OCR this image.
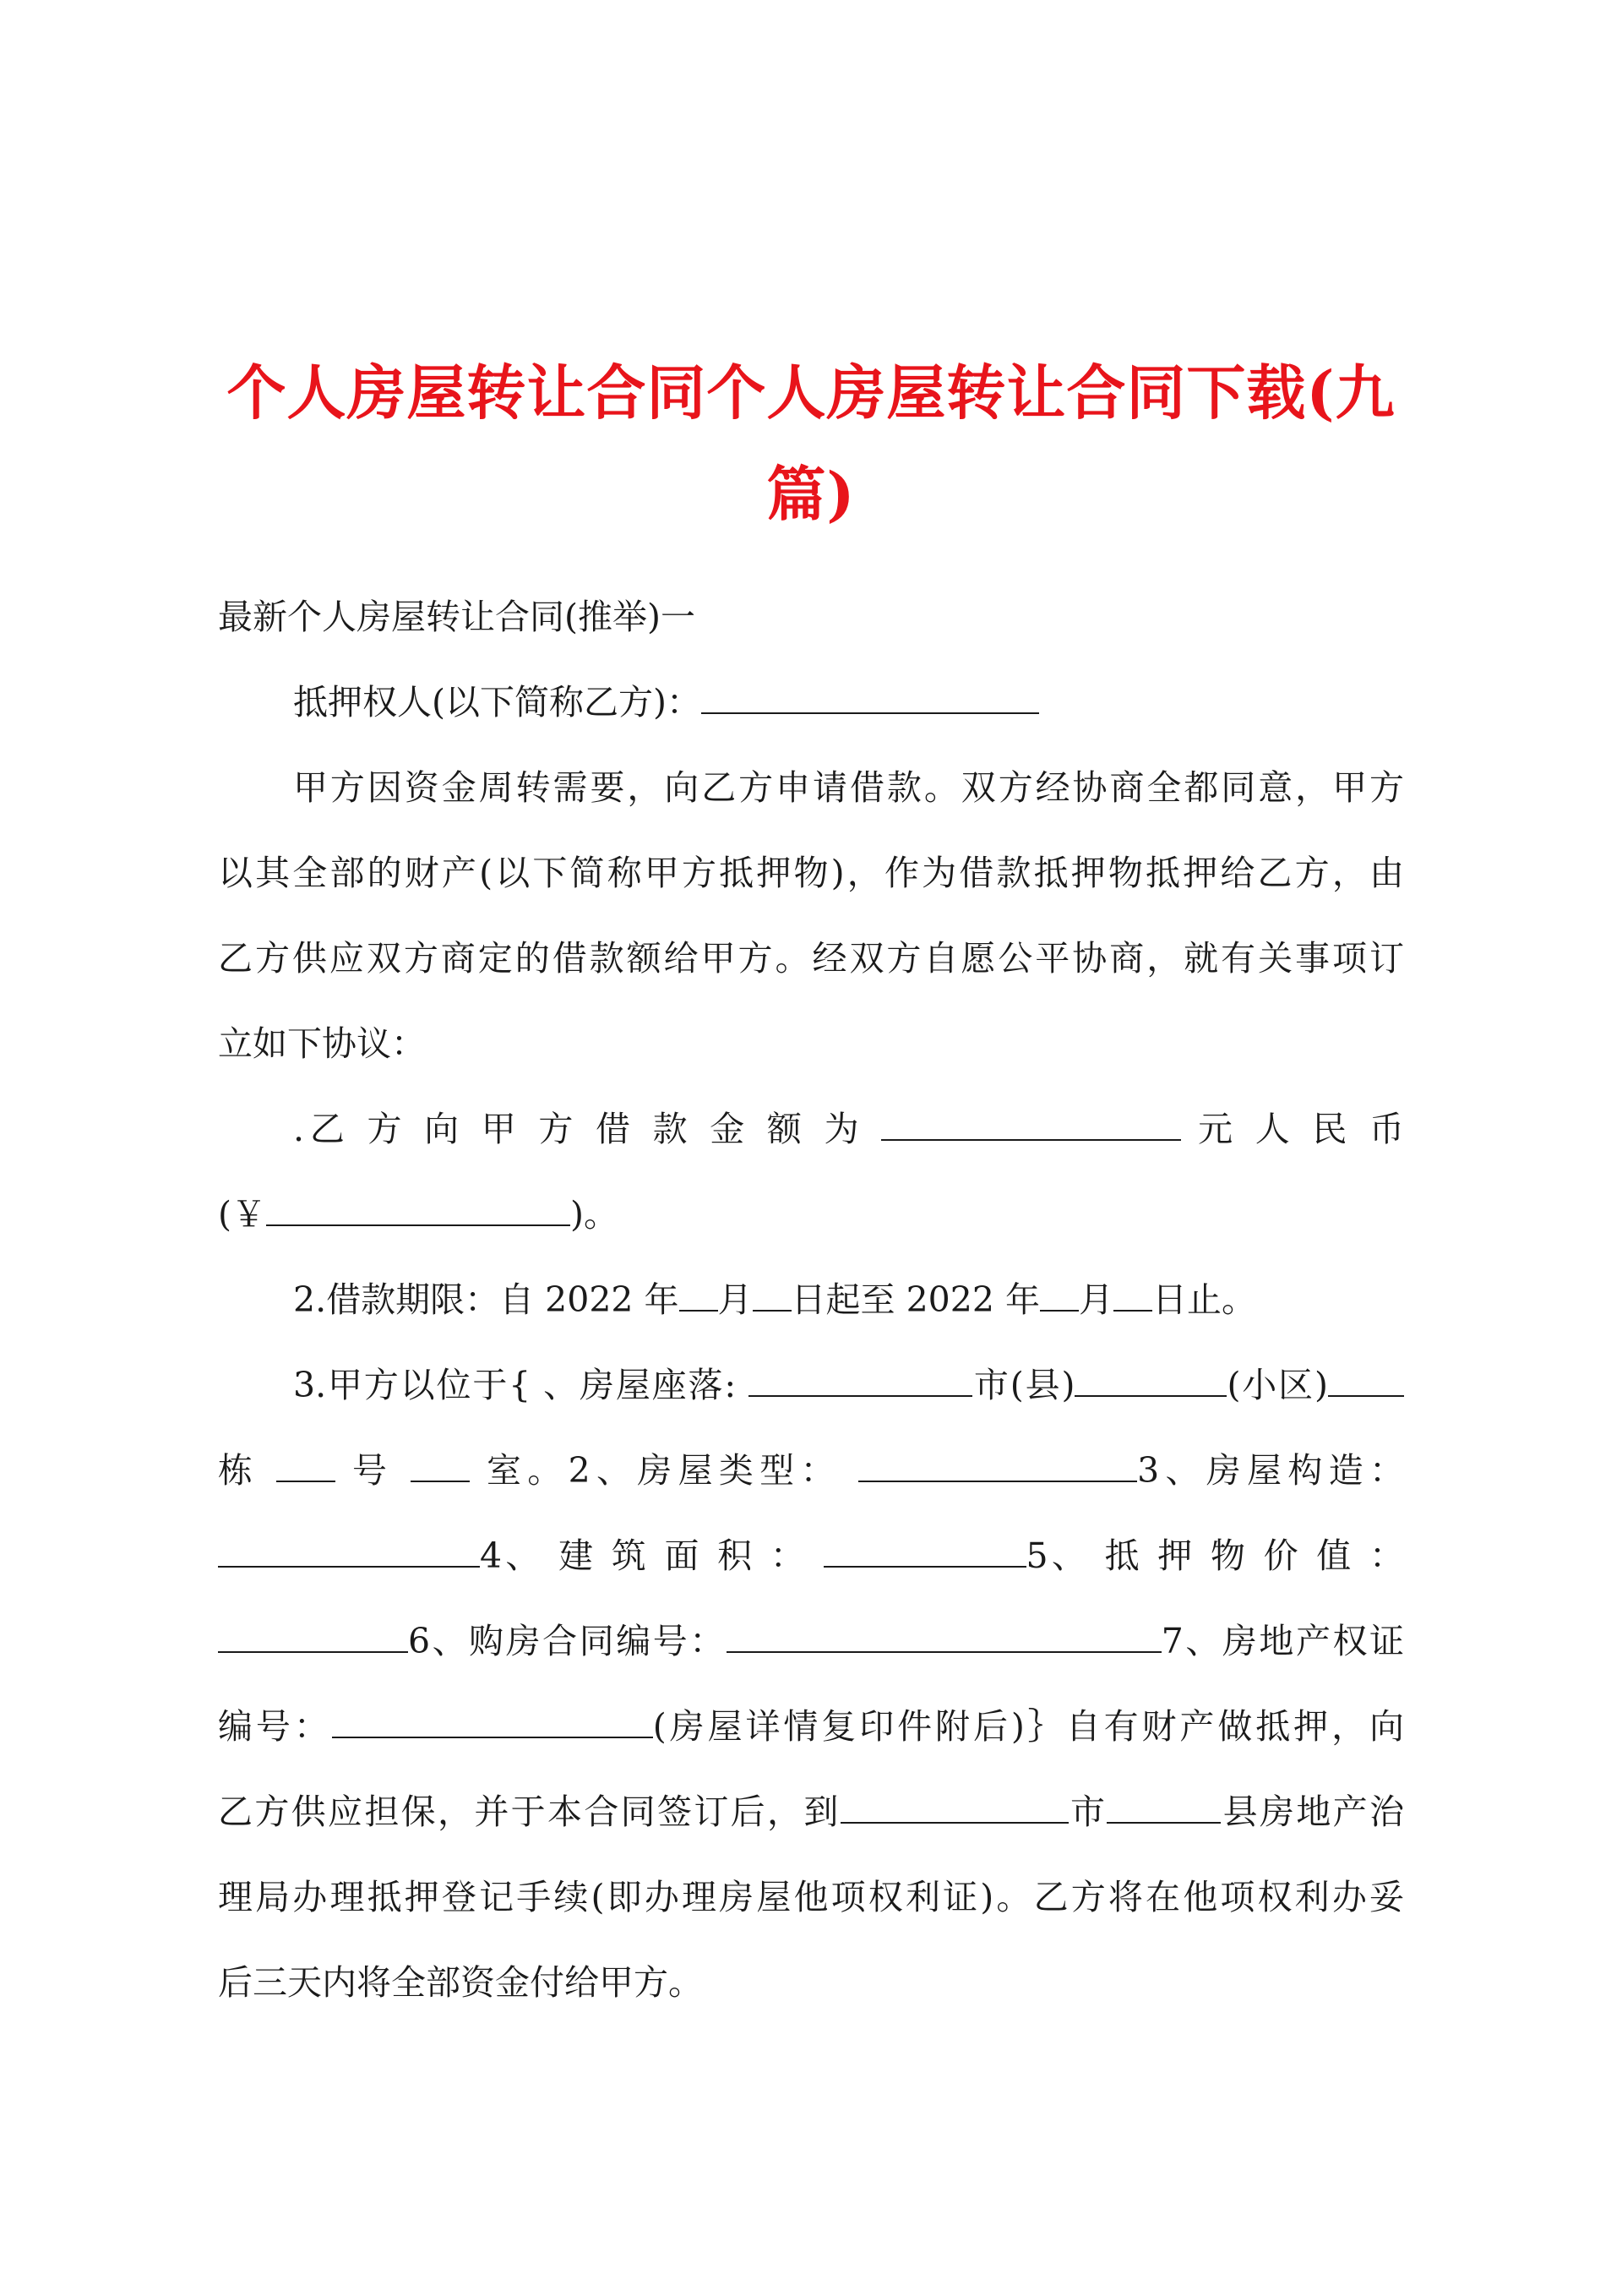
个人房屋转让合同个人房屋转让合同下载(九
篇)

最新个人房屋转让合同(推举)一

抵押权人(以下简称乙方)：

甲方因资金周转需要，向乙方申请借款。双方经协商全都同意，甲方
以其全部的财产(以下简称甲方抵押物)，作为借款抵押物抵押给乙方，由
乙方供应双方商定的借款额给甲方。经双方自愿公平协商，就有关事项订

立如下协议：

.乙 方 向 甲 方 借 款 金 额 为	元 人 民 币

(￥	)。

2.借款期限：自 2022 年 月 日起至 2022 年 月 日止。

3.甲方以位于{ 、房屋座落:	市(县)	(小区)
栋	号	室。2、房屋类型：	3、房屋构造：
4、 建 筑 面 积 ：	5、 抵 押 物 价 值 ：
6、购房合同编号：	7、房地产权证
编号：	(房屋详情复印件附后)｝自有财产做抵押，向
乙方供应担保，并于本合同签订后，到	市	县房地产治
理局办理抵押登记手续(即办理房屋他项权利证)。乙方将在他项权利办妥

后三天内将全部资金付给甲方。
